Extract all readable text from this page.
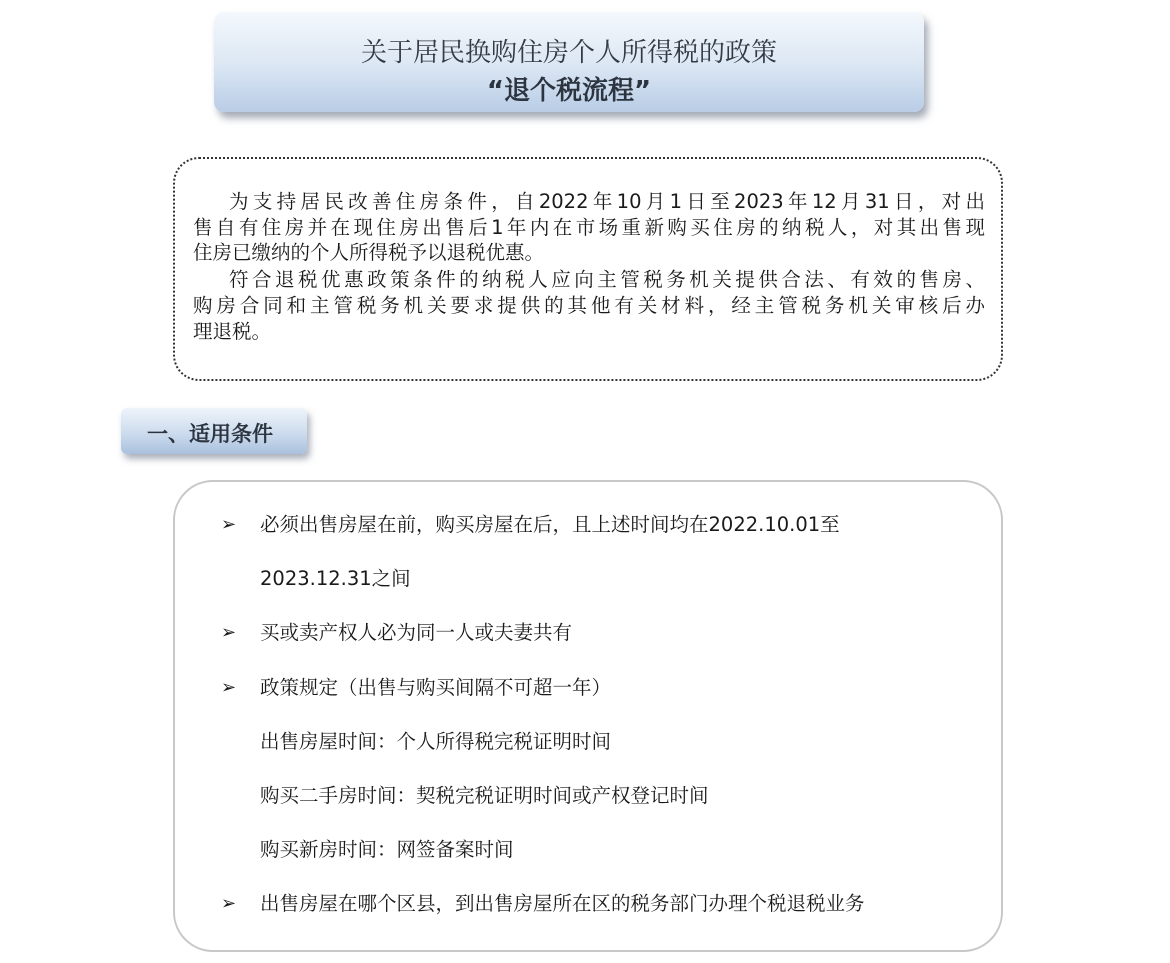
关于居民换购住房个人所得税的政策
“退个税流程”
为支持居民改善住房条件，自2022年10月1日至2023年12月31日，对出
售自有住房并在现住房出售后1年内在市场重新购买住房的纳税人，对其出售现
住房已缴纳的个人所得税予以退税优惠。
符合退税优惠政策条件的纳税人应向主管税务机关提供合法、有效的售房、
购房合同和主管税务机关要求提供的其他有关材料，经主管税务机关审核后办
理退税。
一、适用条件
➢ 必须出售房屋在前，购买房屋在后，且上述时间均在2022.10.01至
2023.12.31之间
➢ 买或卖产权人必为同一人或夫妻共有
➢ 政策规定（出售与购买间隔不可超一年）
出售房屋时间：个人所得税完税证明时间
购买二手房时间：契税完税证明时间或产权登记时间
购买新房时间：网签备案时间
➢ 出售房屋在哪个区县，到出售房屋所在区的税务部门办理个税退税业务
